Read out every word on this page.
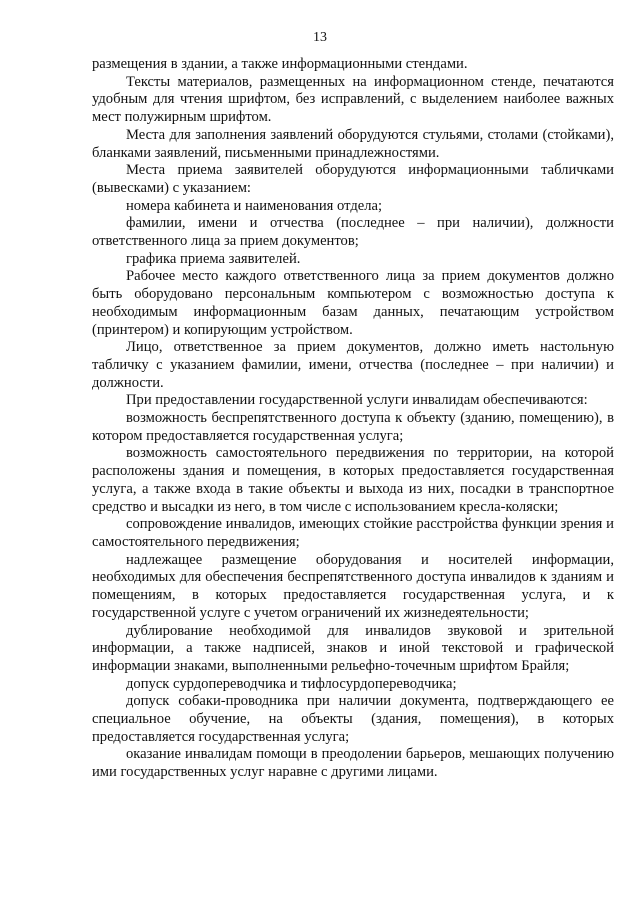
13

размещения в здании, а также информационными стендами.

Тексты материалов, размещенных на информационном стенде, печатаются удобным для чтения шрифтом, без исправлений, с выделением наиболее важных мест полужирным шрифтом.

Места для заполнения заявлений оборудуются стульями, столами (стойками), бланками заявлений, письменными принадлежностями.

Места приема заявителей оборудуются информационными табличками (вывесками) с указанием:

номера кабинета и наименования отдела;

фамилии, имени и отчества (последнее – при наличии), должности ответственного лица за прием документов;

графика приема заявителей.

Рабочее место каждого ответственного лица за прием документов должно быть оборудовано персональным компьютером с возможностью доступа к необходимым информационным базам данных, печатающим устройством (принтером) и копирующим устройством.

Лицо, ответственное за прием документов, должно иметь настольную табличку с указанием фамилии, имени, отчества (последнее – при наличии) и должности.

При предоставлении государственной услуги инвалидам обеспечиваются:

возможность беспрепятственного доступа к объекту (зданию, помещению), в котором предоставляется государственная услуга;

возможность самостоятельного передвижения по территории, на которой расположены здания и помещения, в которых предоставляется государственная услуга, а также входа в такие объекты и выхода из них, посадки в транспортное средство и высадки из него, в том числе с использованием кресла-коляски;

сопровождение инвалидов, имеющих стойкие расстройства функции зрения и самостоятельного передвижения;

надлежащее размещение оборудования и носителей информации, необходимых для обеспечения беспрепятственного доступа инвалидов к зданиям и помещениям, в которых предоставляется государственная услуга, и к государственной услуге с учетом ограничений их жизнедеятельности;

дублирование необходимой для инвалидов звуковой и зрительной информации, а также надписей, знаков и иной текстовой и графической информации знаками, выполненными рельефно-точечным шрифтом Брайля;

допуск сурдопереводчика и тифлосурдопереводчика;

допуск собаки-проводника при наличии документа, подтверждающего ее специальное обучение, на объекты (здания, помещения), в которых предоставляется государственная услуга;

оказание инвалидам помощи в преодолении барьеров, мешающих получению ими государственных услуг наравне с другими лицами.
